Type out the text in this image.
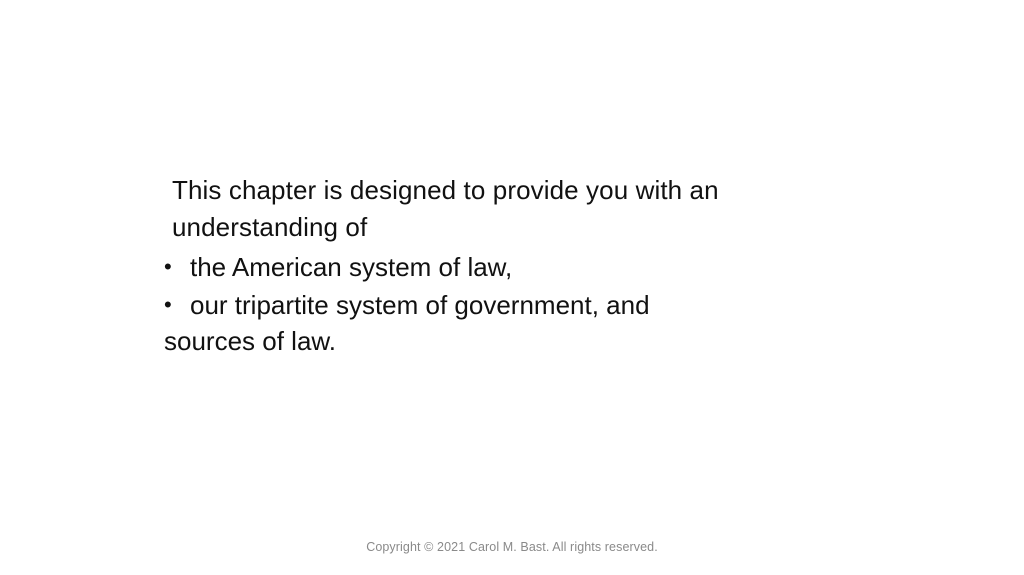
This chapter is designed to provide you with an understanding of
• the American system of law,
• our tripartite system of government, and
sources of law.
Copyright © 2021 Carol M. Bast. All rights reserved.
